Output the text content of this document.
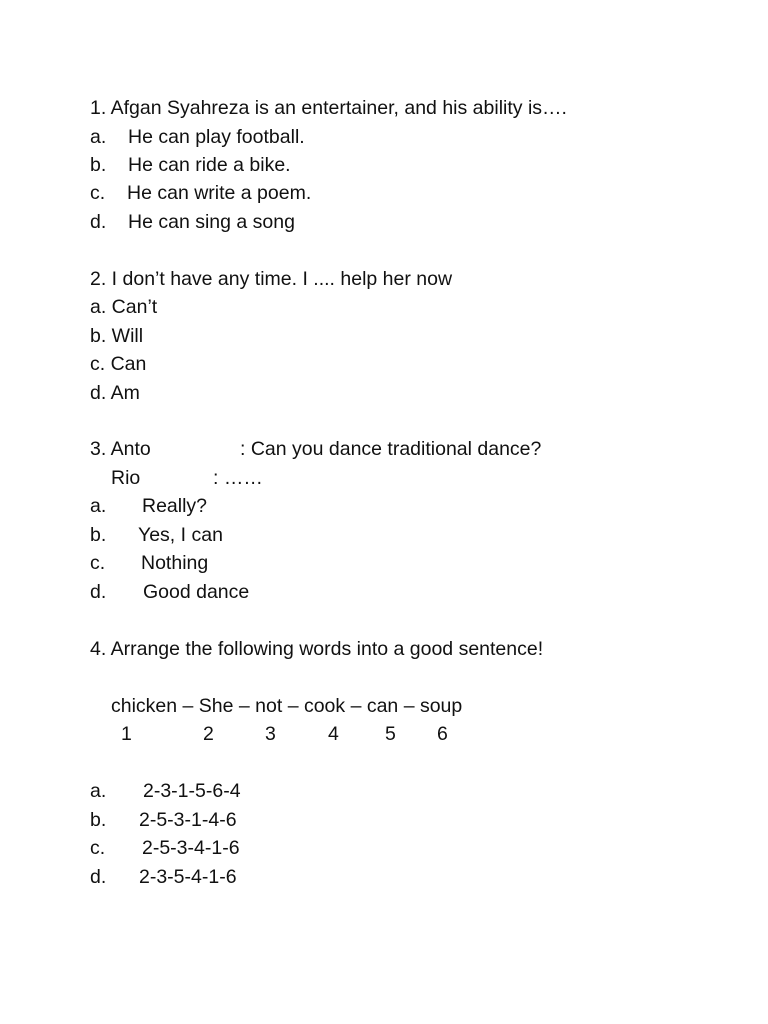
1. Afgan Syahreza is an entertainer, and his ability is….
a. He can play football.
b. He can ride a bike.
c. He can write a poem.
d. He can sing a song
2. I don’t have any time. I .... help her now
a. Can’t
b. Will
c. Can
d. Am
3. Anto	: Can you dance traditional dance?
Rio	: ……
a. Really?
b. Yes, I can
c. Nothing
d. Good dance
4. Arrange the following words into a good sentence!
chicken – She – not – cook – can – soup
1	2	3	4 5 6
a. 2-3-1-5-6-4
b. 2-5-3-1-4-6
c. 2-5-3-4-1-6
d. 2-3-5-4-1-6
